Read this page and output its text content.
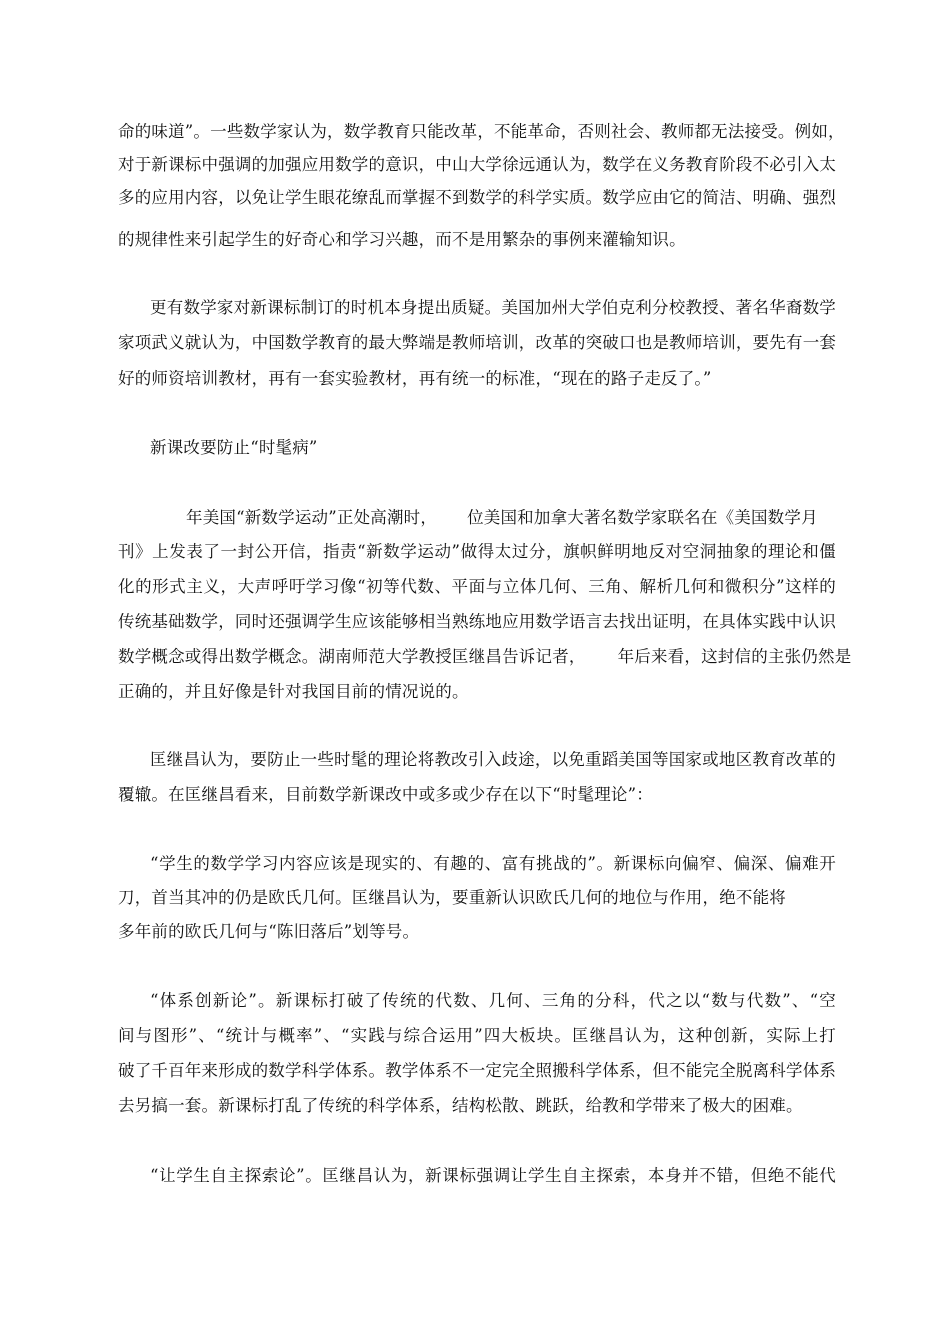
命的味道”。一些数学家认为，数学教育只能改革，不能革命，否则社会、教师都无法接受。例如，
对于新课标中强调的加强应用数学的意识，中山大学徐远通认为，数学在义务教育阶段不必引入太
多的应用内容，以免让学生眼花缭乱而掌握不到数学的科学实质。数学应由它的简洁、明确、强烈
的规律性来引起学生的好奇心和学习兴趣，而不是用繁杂的事例来灌输知识。
更有数学家对新课标制订的时机本身提出质疑。美国加州大学伯克利分校教授、著名华裔数学
家项武义就认为，中国数学教育的最大弊端是教师培训，改革的突破口也是教师培训，要先有一套
好的师资培训教材，再有一套实验教材，再有统一的标准，“现在的路子走反了。”
新课改要防止“时髦病”
年美国“新数学运动”正处高潮时， 位美国和加拿大著名数学家联名在《美国数学月
刊》上发表了一封公开信，指责“新数学运动”做得太过分，旗帜鲜明地反对空洞抽象的理论和僵
化的形式主义，大声呼吁学习像“初等代数、平面与立体几何、三角、解析几何和微积分”这样的
传统基础数学，同时还强调学生应该能够相当熟练地应用数学语言去找出证明，在具体实践中认识
数学概念或得出数学概念。湖南师范大学教授匡继昌告诉记者， 年后来看，这封信的主张仍然是
正确的，并且好像是针对我国目前的情况说的。
匡继昌认为，要防止一些时髦的理论将教改引入歧途，以免重蹈美国等国家或地区教育改革的
覆辙。在匡继昌看来，目前数学新课改中或多或少存在以下“时髦理论”：
“学生的数学学习内容应该是现实的、有趣的、富有挑战的”。新课标向偏窄、偏深、偏难开
刀，首当其冲的仍是欧氏几何。匡继昌认为，要重新认识欧氏几何的地位与作用，绝不能将
多年前的欧氏几何与“陈旧落后”划等号。
“体系创新论”。新课标打破了传统的代数、几何、三角的分科，代之以“数与代数”、“空
间与图形”、“统计与概率”、“实践与综合运用”四大板块。匡继昌认为，这种创新，实际上打
破了千百年来形成的数学科学体系。教学体系不一定完全照搬科学体系，但不能完全脱离科学体系
去另搞一套。新课标打乱了传统的科学体系，结构松散、跳跃，给教和学带来了极大的困难。
“让学生自主探索论”。匡继昌认为，新课标强调让学生自主探索，本身并不错，但绝不能代
